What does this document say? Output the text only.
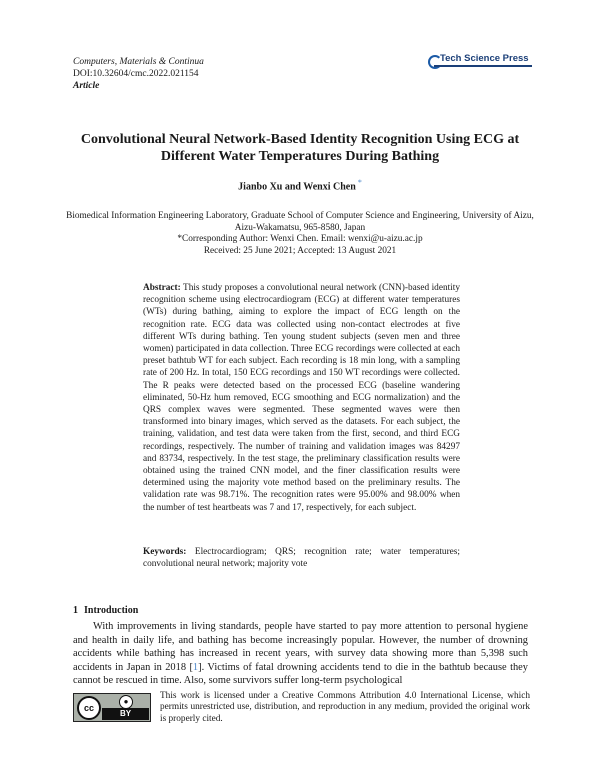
Computers, Materials & Continua
DOI:10.32604/cmc.2022.021154
Article
Tech Science Press
Convolutional Neural Network-Based Identity Recognition Using ECG at Different Water Temperatures During Bathing
Jianbo Xu and Wenxi Chen *
Biomedical Information Engineering Laboratory, Graduate School of Computer Science and Engineering, University of Aizu, Aizu-Wakamatsu, 965-8580, Japan
*Corresponding Author: Wenxi Chen. Email: wenxi@u-aizu.ac.jp
Received: 25 June 2021; Accepted: 13 August 2021
Abstract: This study proposes a convolutional neural network (CNN)-based identity recognition scheme using electrocardiogram (ECG) at different water temperatures (WTs) during bathing, aiming to explore the impact of ECG length on the recognition rate. ECG data was collected using non-contact electrodes at five different WTs during bathing. Ten young student subjects (seven men and three women) participated in data collection. Three ECG recordings were collected at each preset bathtub WT for each subject. Each recording is 18 min long, with a sampling rate of 200 Hz. In total, 150 ECG recordings and 150 WT recordings were collected. The R peaks were detected based on the processed ECG (baseline wandering eliminated, 50-Hz hum removed, ECG smoothing and ECG normalization) and the QRS complex waves were segmented. These segmented waves were then transformed into binary images, which served as the datasets. For each subject, the training, validation, and test data were taken from the first, second, and third ECG recordings, respectively. The number of training and validation images was 84297 and 83734, respectively. In the test stage, the preliminary classification results were obtained using the trained CNN model, and the finer classification results were determined using the majority vote method based on the preliminary results. The validation rate was 98.71%. The recognition rates were 95.00% and 98.00% when the number of test heartbeats was 7 and 17, respectively, for each subject.
Keywords: Electrocardiogram; QRS; recognition rate; water temperatures; convolutional neural network; majority vote
1 Introduction
With improvements in living standards, people have started to pay more attention to personal hygiene and health in daily life, and bathing has become increasingly popular. However, the number of drowning accidents while bathing has increased in recent years, with survey data showing more than 5,398 such accidents in Japan in 2018 [1]. Victims of fatal drowning accidents tend to die in the bathtub because they cannot be rescued in time. Also, some survivors suffer long-term psychological
cc
●
BY
This work is licensed under a Creative Commons Attribution 4.0 International License, which permits unrestricted use, distribution, and reproduction in any medium, provided the original work is properly cited.
